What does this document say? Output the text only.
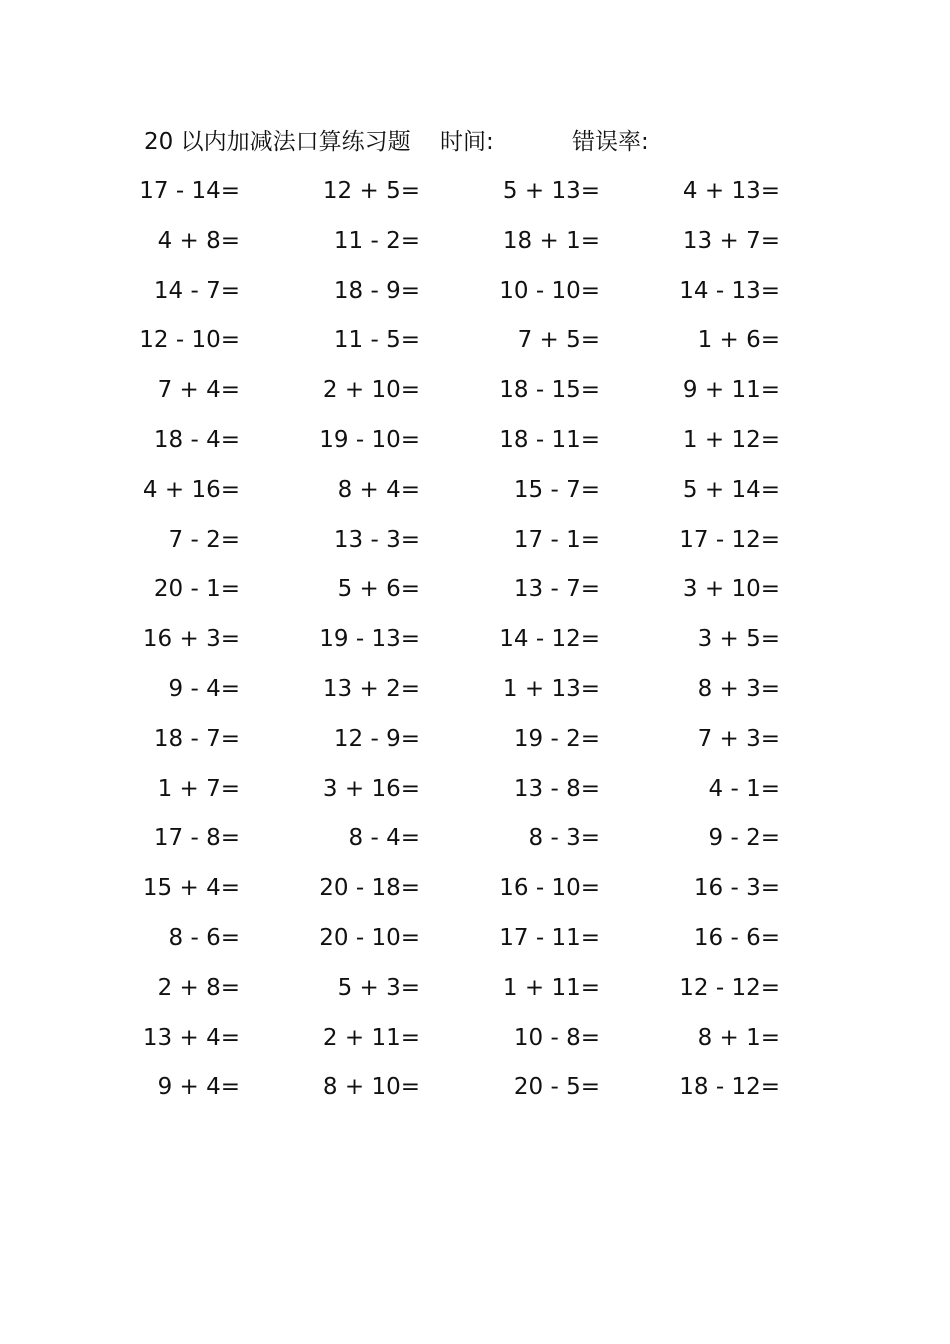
20 以内加减法口算练习题 时间:	错误率:
17 - 14=	12 + 5=	5 + 13=	4 + 13=
4 + 8=	11 - 2=	18 + 1=	13 + 7=
14 - 7=	18 - 9=	10 - 10=	14 - 13=
12 - 10=	11 - 5=	7 + 5=	1 + 6=
7 + 4=	2 + 10=	18 - 15=	9 + 11=
18 - 4=	19 - 10=	18 - 11=	1 + 12=
4 + 16=	8 + 4=	15 - 7=	5 + 14=
7 - 2=	13 - 3=	17 - 1=	17 - 12=
20 - 1=	5 + 6=	13 - 7=	3 + 10=
16 + 3=	19 - 13=	14 - 12=	3 + 5=
9 - 4=	13 + 2=	1 + 13=	8 + 3=
18 - 7=	12 - 9=	19 - 2=	7 + 3=
1 + 7=	3 + 16=	13 - 8=	4 - 1=
17 - 8=	8 - 4=	8 - 3=	9 - 2=
15 + 4=	20 - 18=	16 - 10=	16 - 3=
8 - 6=	20 - 10=	17 - 11=	16 - 6=
2 + 8=	5 + 3=	1 + 11=	12 - 12=
13 + 4=	2 + 11=	10 - 8=	8 + 1=
9 + 4=	8 + 10=	20 - 5=	18 - 12=
